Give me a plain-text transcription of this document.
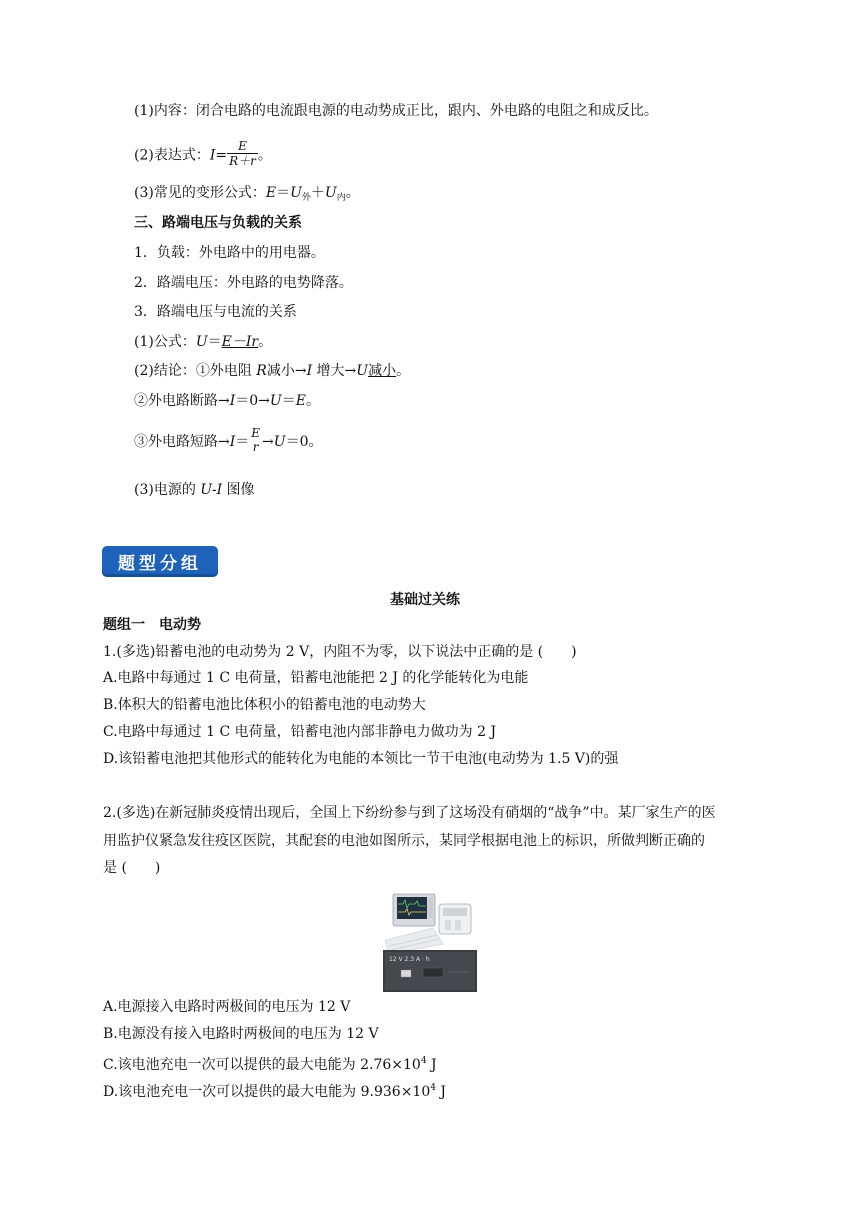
(1)内容：闭合电路的电流跟电源的电动势成正比，跟内、外电路的电阻之和成反比。
(2)表达式：$I= \frac{E}{R+r}$ 。
(3)常见的变形公式：$E=U_外+U_内$。
三、路端电压与负载的关系
1．负载：外电路中的用电器。
2．路端电压：外电路的电势降落。
3．路端电压与电流的关系
(1)公式：U＝E－Ir。
(2)结论：①外电阻 R减小→I 增大→U减小。
②外电路断路→I＝0→U＝E。
③外电路短路→I＝
E
r →U＝0。
(3)电源的 U-I 图像
题型分组
基础过关练
题组一　电动势
1.(多选)铅蓄电池的电动势为 2 V，内阻不为零，以下说法中正确的是 (　　)
A.电路中每通过 1 C 电荷量，铅蓄电池能把 2 J 的化学能转化为电能
B.体积大的铅蓄电池比体积小的铅蓄电池的电动势大
C.电路中每通过 1 C 电荷量，铅蓄电池内部非静电力做功为 2 J
D.该铅蓄电池把其他形式的能转化为电能的本领比一节干电池(电动势为 1.5 V)的强
2.(多选)在新冠肺炎疫情出现后，全国上下纷纷参与到了这场没有硝烟的“战争”中。某厂家生产的医
用监护仪紧急发往疫区医院，其配套的电池如图所示，某同学根据电池上的标识，所做判断正确的
是 (　　)
12 V 2.3 A · h
A.电源接入电路时两极间的电压为 12 V
B.电源没有接入电路时两极间的电压为 12 V
C.该电池充电一次可以提供的最大电能为 $2.76\times 10^4$ J
D.该电池充电一次可以提供的最大电能为 $9.936\times 10^4$ J
